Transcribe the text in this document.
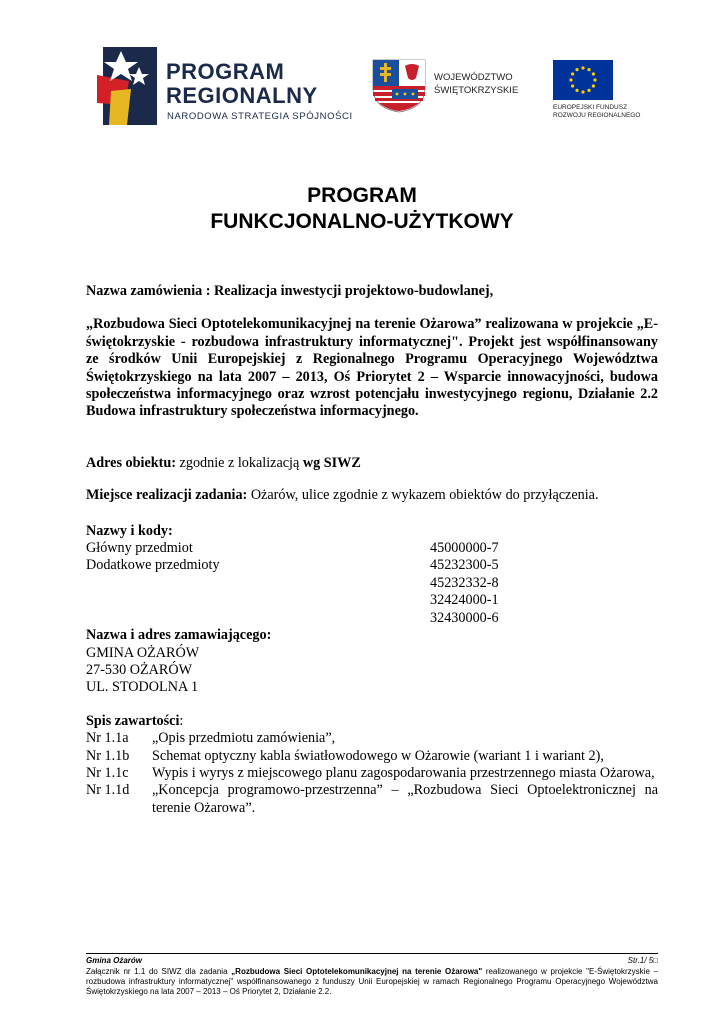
PROGRAM
REGIONALNY
NARODOWA STRATEGIA SPÓJNOŚCI
WOJEWÓDZTWO
ŚWIĘTOKRZYSKIE
EUROPEJSKI FUNDUSZ
ROZWOJU REGIONALNEGO
PROGRAM
FUNKCJONALNO-UŻYTKOWY

Nazwa zamówienia : Realizacja inwestycji projektowo-budowlanej,

„Rozbudowa Sieci Optotelekomunikacyjnej na terenie Ożarowa” realizowana w projekcie „E-świętokrzyskie - rozbudowa infrastruktury informatycznej". Projekt jest współfinansowany ze środków Unii Europejskiej z Regionalnego Programu Operacyjnego Województwa Świętokrzyskiego na lata 2007 – 2013, Oś Priorytet 2 – Wsparcie innowacyjności, budowa społeczeństwa informacyjnego oraz wzrost potencjału inwestycyjnego regionu, Działanie 2.2 Budowa infrastruktury społeczeństwa informacyjnego.

Adres obiektu: zgodnie z lokalizacją wg SIWZ

Miejsce realizacji zadania: Ożarów, ulice zgodnie z wykazem obiektów do przyłączenia.

Nazwy i kody:
Główny przedmiot	45000000-7
Dodatkowe przedmioty	45232300-5
45232332-8
32424000-1
32430000-6
Nazwa i adres zamawiającego:
GMINA OŻARÓW
27-530 OŻARÓW
UL. STODOLNA 1
Spis zawartości:
Nr 1.1a	„Opis przedmiotu zamówienia”,
Nr 1.1b	Schemat optyczny kabla światłowodowego w Ożarowie (wariant 1 i wariant 2),
Nr 1.1c	Wypis i wyrys z miejscowego planu zagospodarowania przestrzennego miasta Ożarowa,
Nr 1.1d	„Koncepcja programowo-przestrzenna” – „Rozbudowa Sieci Optoelektronicznej na terenie Ożarowa”.
Gmina Ożarów	Str.1/ 5□
Załącznik nr 1.1 do SIWZ dla zadania „Rozbudowa Sieci Optotelekomunikacyjnej na terenie Ożarowa" realizowanego w projekcie "E-Świętokrzyskie – rozbudowa infrastruktury informatycznej" współfinansowanego z funduszy Unii Europejskiej w ramach Regionalnego Programu Operacyjnego Województwa Świętokrzyskiego na lata 2007 – 2013 – Oś Priorytet 2, Działanie 2.2.
